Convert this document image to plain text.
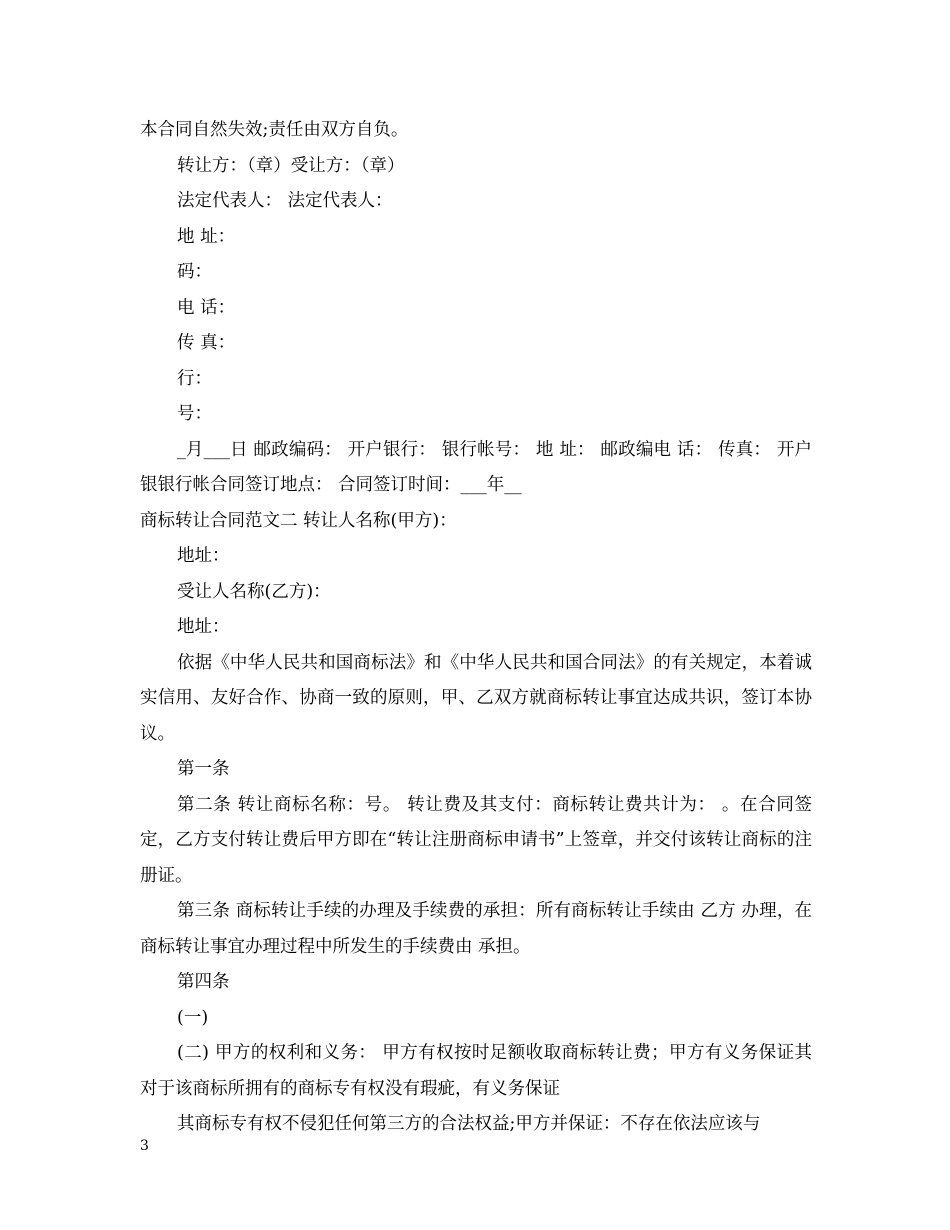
本合同自然失效;责任由双方自负。

转让方：（章）受让方：（章）

法定代表人： 法定代表人：

地 址：

码：

电 话：

传 真：

行：

号：

_月___日 邮政编码： 开户银行： 银行帐号： 地 址： 邮政编电 话： 传真： 开户银银行帐合同签订地点： 合同签订时间：___年__

商标转让合同范文二 转让人名称(甲方)：

地址：

受让人名称(乙方)：

地址：

依据《中华人民共和国商标法》和《中华人民共和国合同法》的有关规定，本着诚实信用、友好合作、协商一致的原则，甲、乙双方就商标转让事宜达成共识，签订本协议。

第一条

第二条 转让商标名称：号。 转让费及其支付：商标转让费共计为： 。在合同签定，乙方支付转让费后甲方即在“转让注册商标申请书”上签章，并交付该转让商标的注册证。

第三条 商标转让手续的办理及手续费的承担：所有商标转让手续由 乙方 办理，在商标转让事宜办理过程中所发生的手续费由 承担。

第四条

(一)

(二) 甲方的权利和义务： 甲方有权按时足额收取商标转让费；甲方有义务保证其对于该商标所拥有的商标专有权没有瑕疵，有义务保证

其商标专有权不侵犯任何第三方的合法权益;甲方并保证：不存在依法应该与

3
